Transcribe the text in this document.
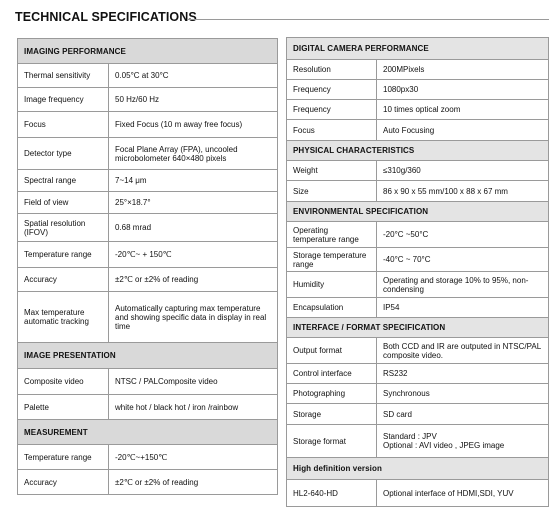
TECHNICAL SPECIFICATIONS
IMAGING PERFORMANCE	
Thermal sensitivity	0.05°C at 30°C
Image frequency	50 Hz/60 Hz
Focus	Fixed Focus (10 m away free focus)
Detector type	Focal Plane Array (FPA), uncooled microbolometer 640×480 pixels
Spectral range	7~14 μm
Field of view	25°×18.7°
Spatial resolution (IFOV)	0.68 mrad
Temperature range	-20℃~ + 150℃
Accuracy	±2℃ or ±2% of reading
Max temperature automatic tracking	Automatically capturing max temperature and showing specific data in display in real time
IMAGE PRESENTATION	
Composite video	NTSC / PALComposite video
Palette	white hot / black hot / iron /rainbow
MEASUREMENT	
Temperature range	-20℃~+150℃
Accuracy	±2℃ or ±2% of reading
DIGITAL CAMERA PERFORMANCE	
Resolution	200MPixels
Frequency	1080px30
Frequency	10 times optical zoom
Focus	Auto Focusing
PHYSICAL CHARACTERISTICS	
Weight	≤310g/360
Size	86 x 90 x 55 mm/100 x 88 x 67 mm
ENVIRONMENTAL SPECIFICATION	
Operating temperature range	-20°C ~50°C
Storage temperature range	-40°C ~ 70°C
Humidity	Operating and storage 10% to 95%, non-condensing
Encapsulation	IP54
INTERFACE / FORMAT SPECIFICATION	
Output format	Both CCD and IR are outputed in NTSC/PAL composite video.
Control interface	RS232
Photographing	Synchronous
Storage	SD card
Storage format	Standard : JPV
Optional : AVI video , JPEG image

High definition version	
HL2-640-HD	Optional interface of HDMI,SDI, YUV
